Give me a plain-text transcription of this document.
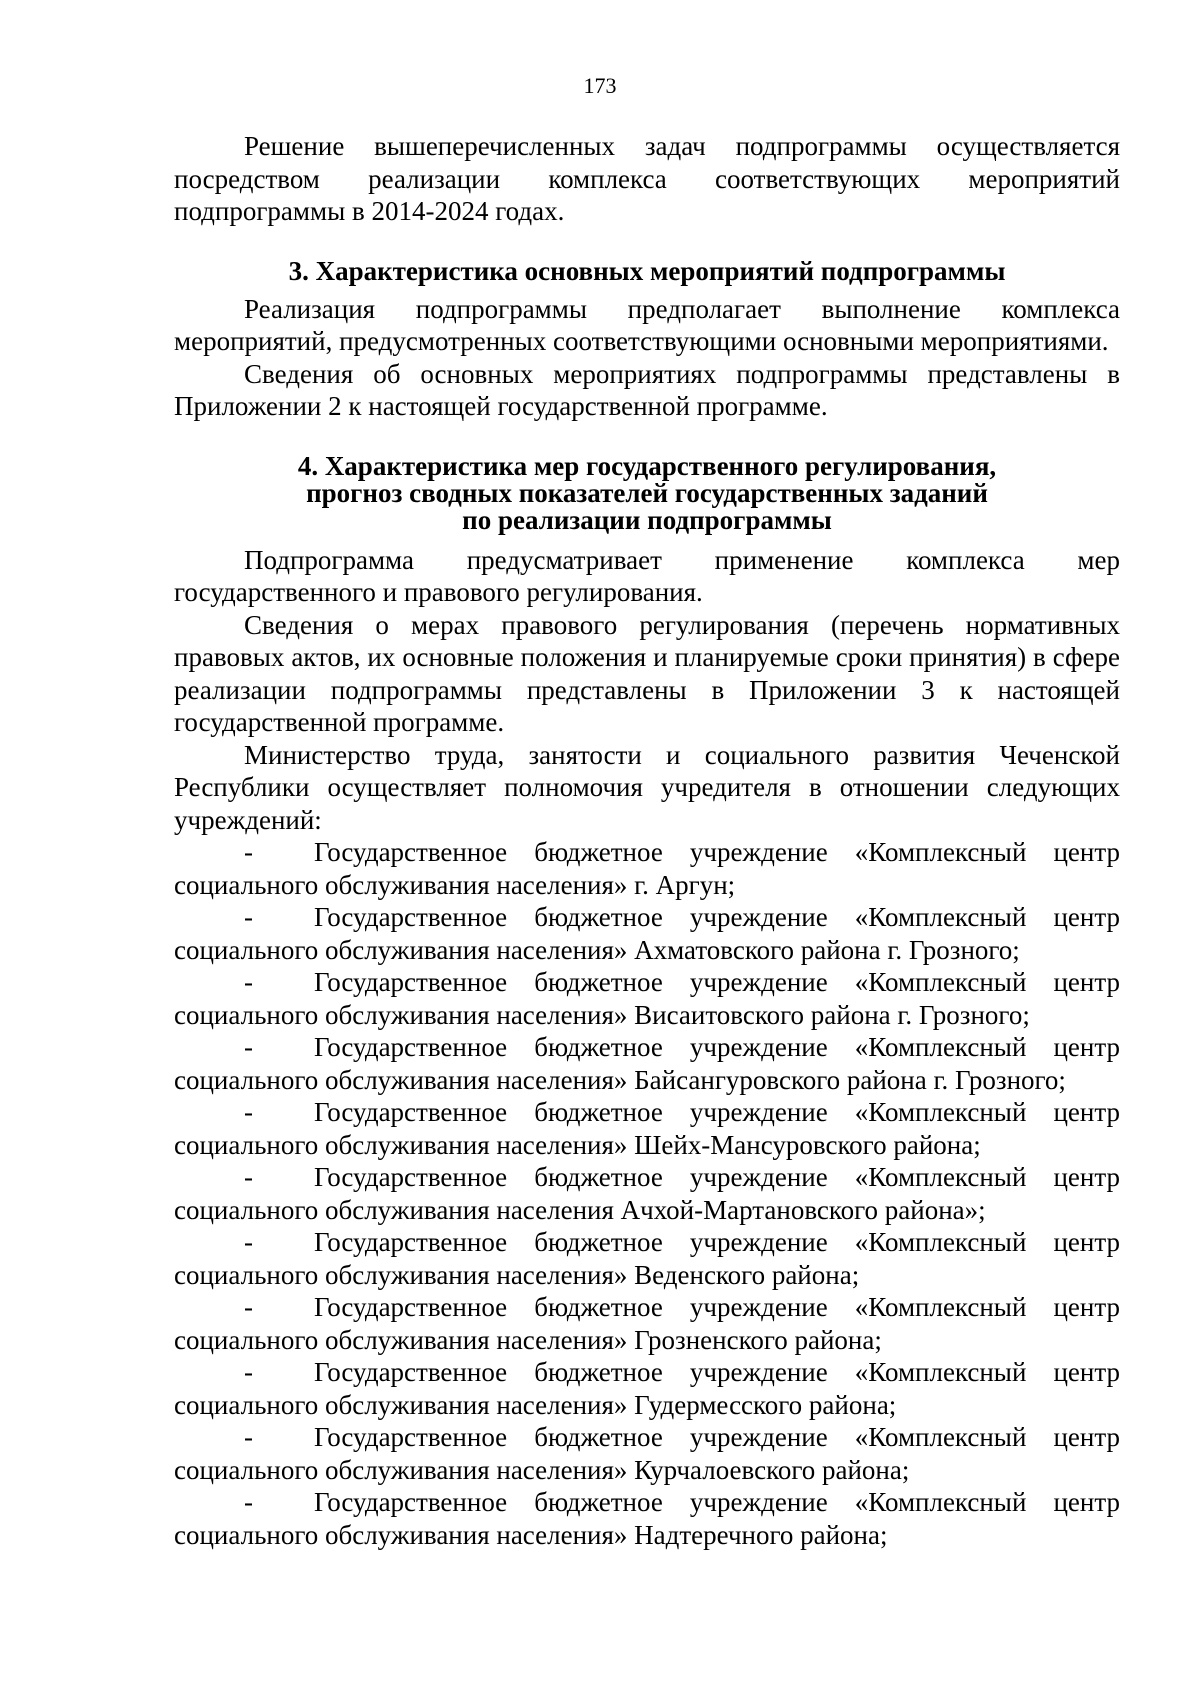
173

Решение вышеперечисленных задач подпрограммы осуществляется посредством реализации комплекса соответствующих мероприятий подпрограммы в 2014-2024 годах.

3. Характеристика основных мероприятий подпрограммы

Реализация подпрограммы предполагает выполнение комплекса мероприятий, предусмотренных соответствующими основными мероприятиями.

Сведения об основных мероприятиях подпрограммы представлены в Приложении 2 к настоящей государственной программе.

4. Характеристика мер государственного регулирования,
прогноз сводных показателей государственных заданий
по реализации подпрограммы

Подпрограмма предусматривает применение комплекса мер государственного и правового регулирования.

Сведения о мерах правового регулирования (перечень нормативных правовых актов, их основные положения и планируемые сроки принятия) в сфере реализации подпрограммы представлены в Приложении 3 к настоящей государственной программе.

Министерство труда, занятости и социального развития Чеченской Республики осуществляет полномочия учредителя в отношении следующих учреждений:

- Государственное бюджетное учреждение «Комплексный центр социального обслуживания населения» г. Аргун;
- Государственное бюджетное учреждение «Комплексный центр социального обслуживания населения» Ахматовского района г. Грозного;
- Государственное бюджетное учреждение «Комплексный центр социального обслуживания населения» Висаитовского района г. Грозного;
- Государственное бюджетное учреждение «Комплексный центр социального обслуживания населения» Байсангуровского района г. Грозного;
- Государственное бюджетное учреждение «Комплексный центр социального обслуживания населения» Шейх-Мансуровского района;
- Государственное бюджетное учреждение «Комплексный центр социального обслуживания населения Ачхой-Мартановского района»;
- Государственное бюджетное учреждение «Комплексный центр социального обслуживания населения» Веденского района;
- Государственное бюджетное учреждение «Комплексный центр социального обслуживания населения» Грозненского района;
- Государственное бюджетное учреждение «Комплексный центр социального обслуживания населения» Гудермесского района;
- Государственное бюджетное учреждение «Комплексный центр социального обслуживания населения» Курчалоевского района;
- Государственное бюджетное учреждение «Комплексный центр социального обслуживания населения» Надтеречного района;
